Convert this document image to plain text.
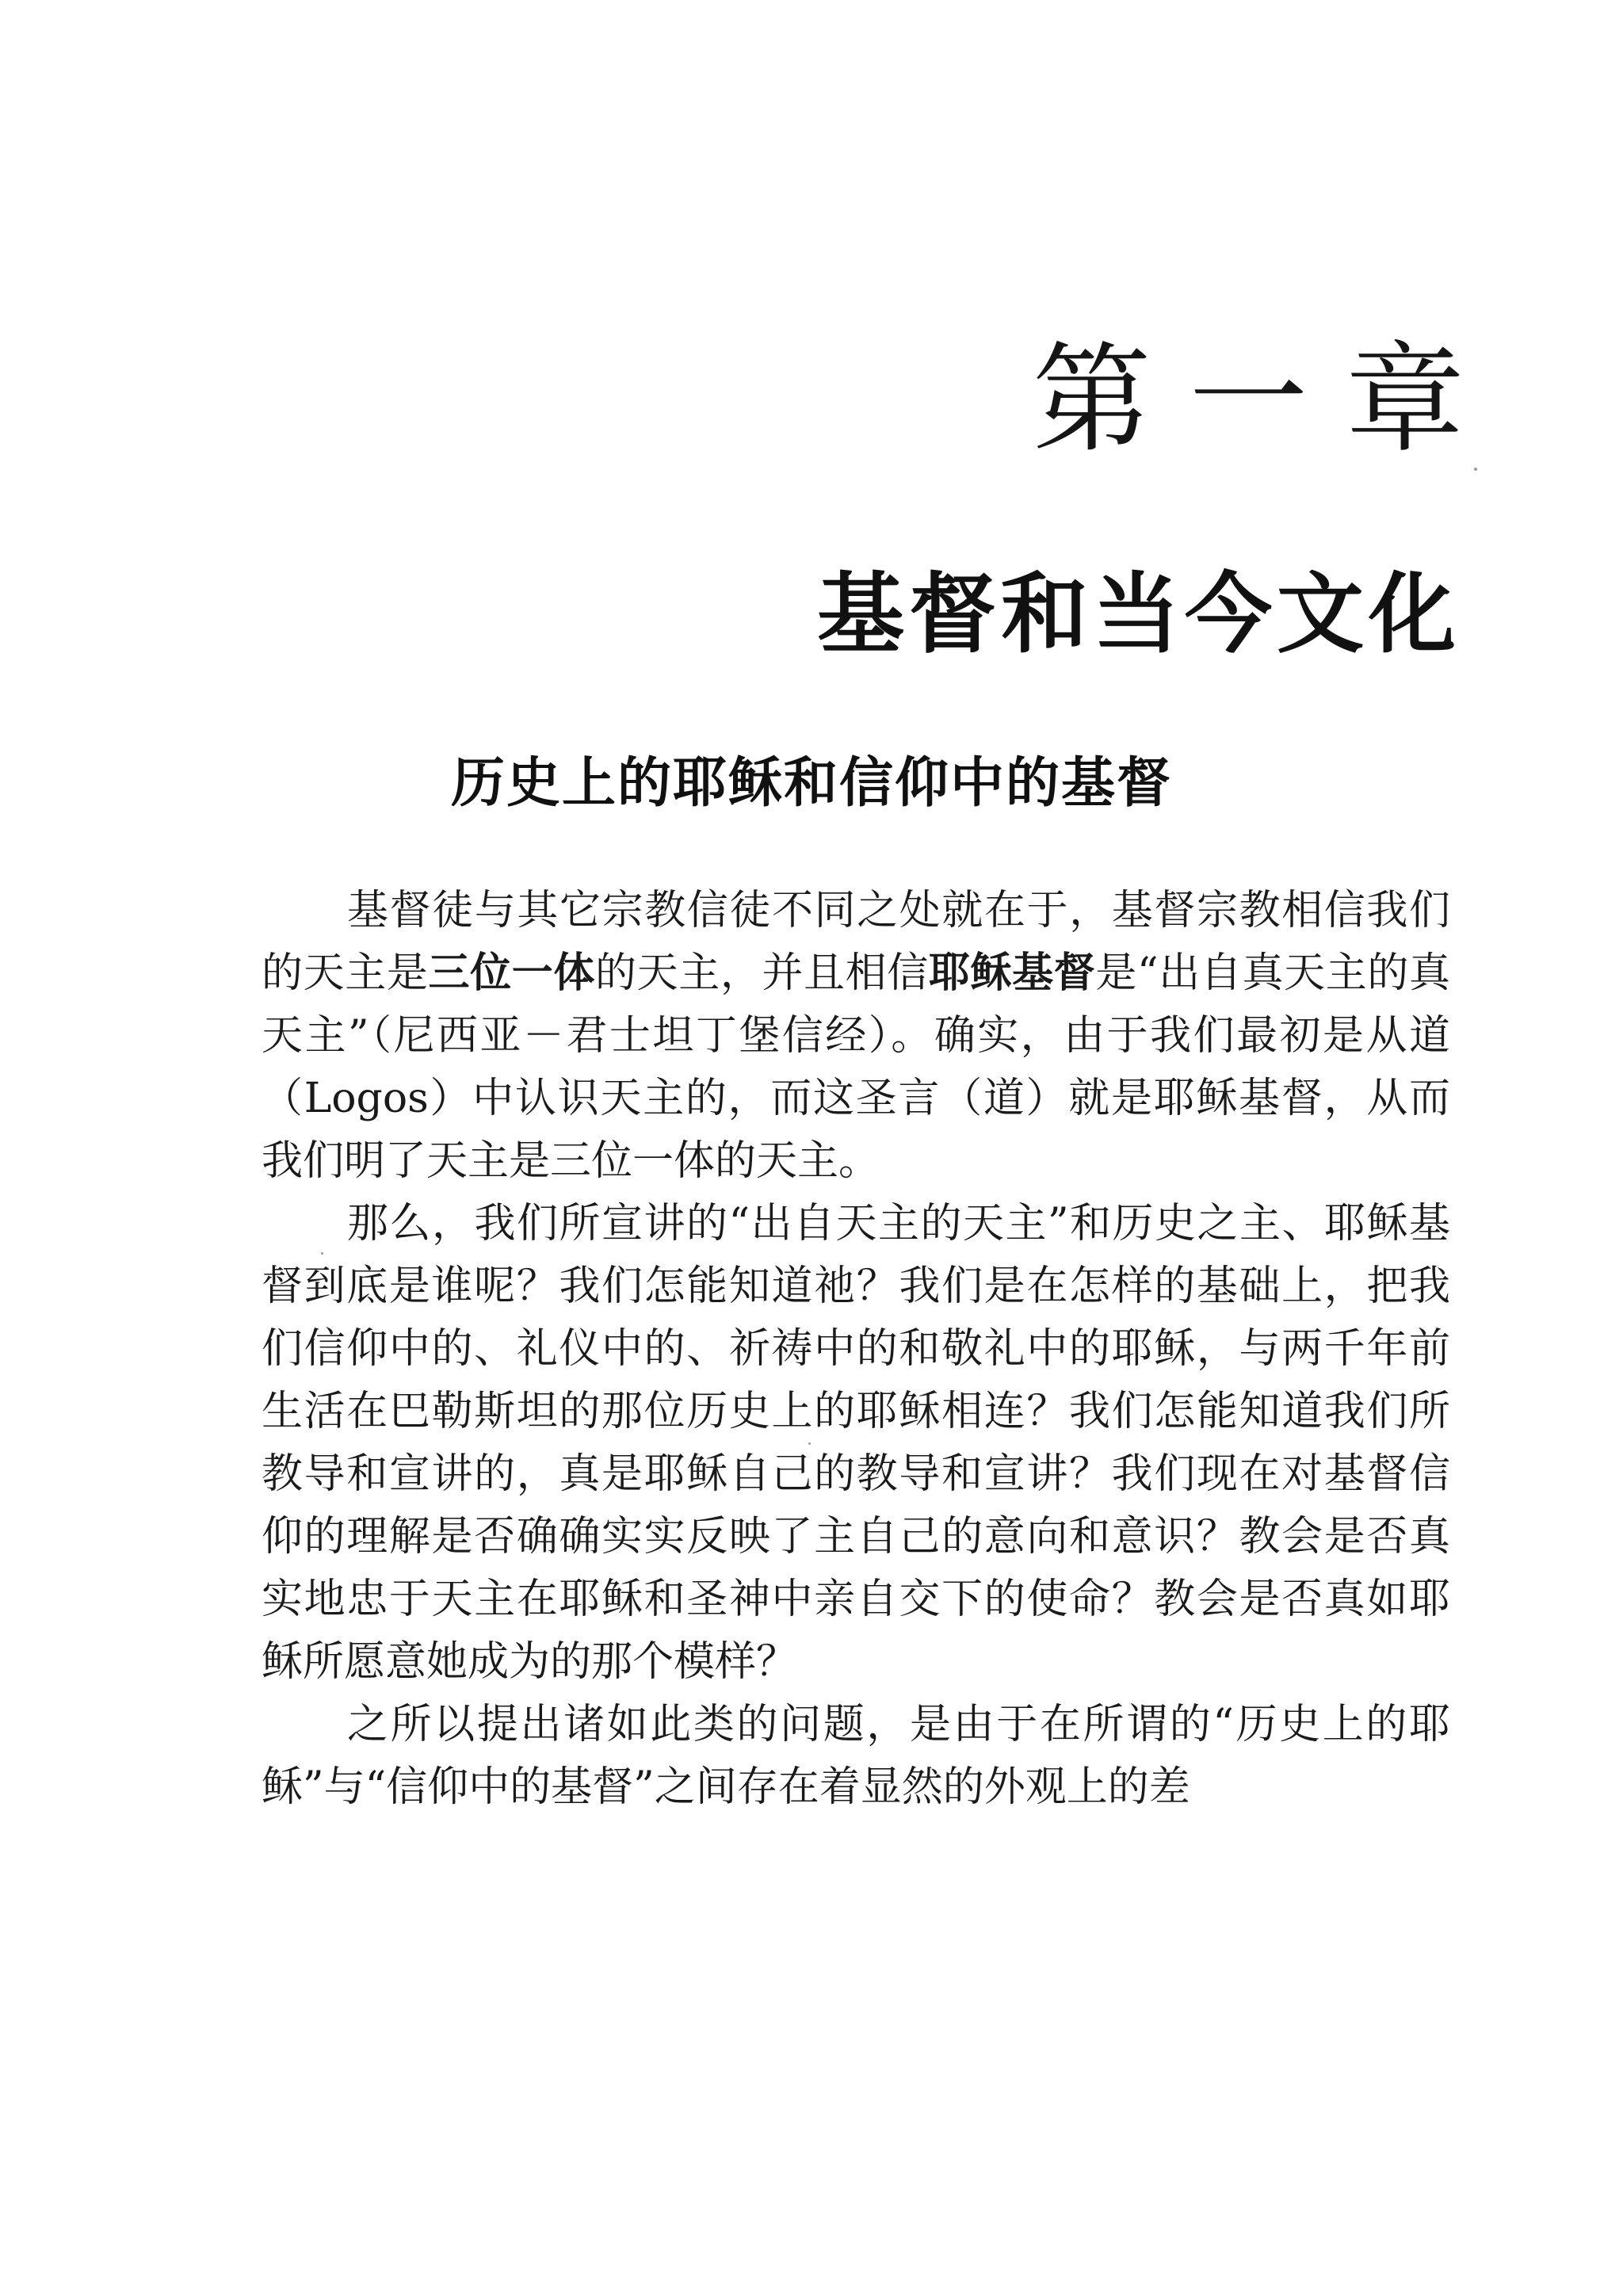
第 一 章
基督和当今文化
历史上的耶稣和信仰中的基督

基督徒与其它宗教信徒不同之处就在于，基督宗教相信我们的天主是三位一体的天主，并且相信耶稣基督是“出自真天主的真天主”（尼西亚－君士坦丁堡信经）。确实，由于我们最初是从道（Logos）中认识天主的，而这圣言（道）就是耶稣基督，从而我们明了天主是三位一体的天主。

那么，我们所宣讲的“出自天主的天主”和历史之主、耶稣基督到底是谁呢？我们怎能知道祂？我们是在怎样的基础上，把我们信仰中的、礼仪中的、祈祷中的和敬礼中的耶稣，与两千年前生活在巴勒斯坦的那位历史上的耶稣相连？我们怎能知道我们所教导和宣讲的，真是耶稣自己的教导和宣讲？我们现在对基督信仰的理解是否确确实实反映了主自己的意向和意识？教会是否真实地忠于天主在耶稣和圣神中亲自交下的使命？教会是否真如耶稣所愿意她成为的那个模样？

之所以提出诸如此类的问题，是由于在所谓的“历史上的耶稣”与“信仰中的基督”之间存在着显然的外观上的差
